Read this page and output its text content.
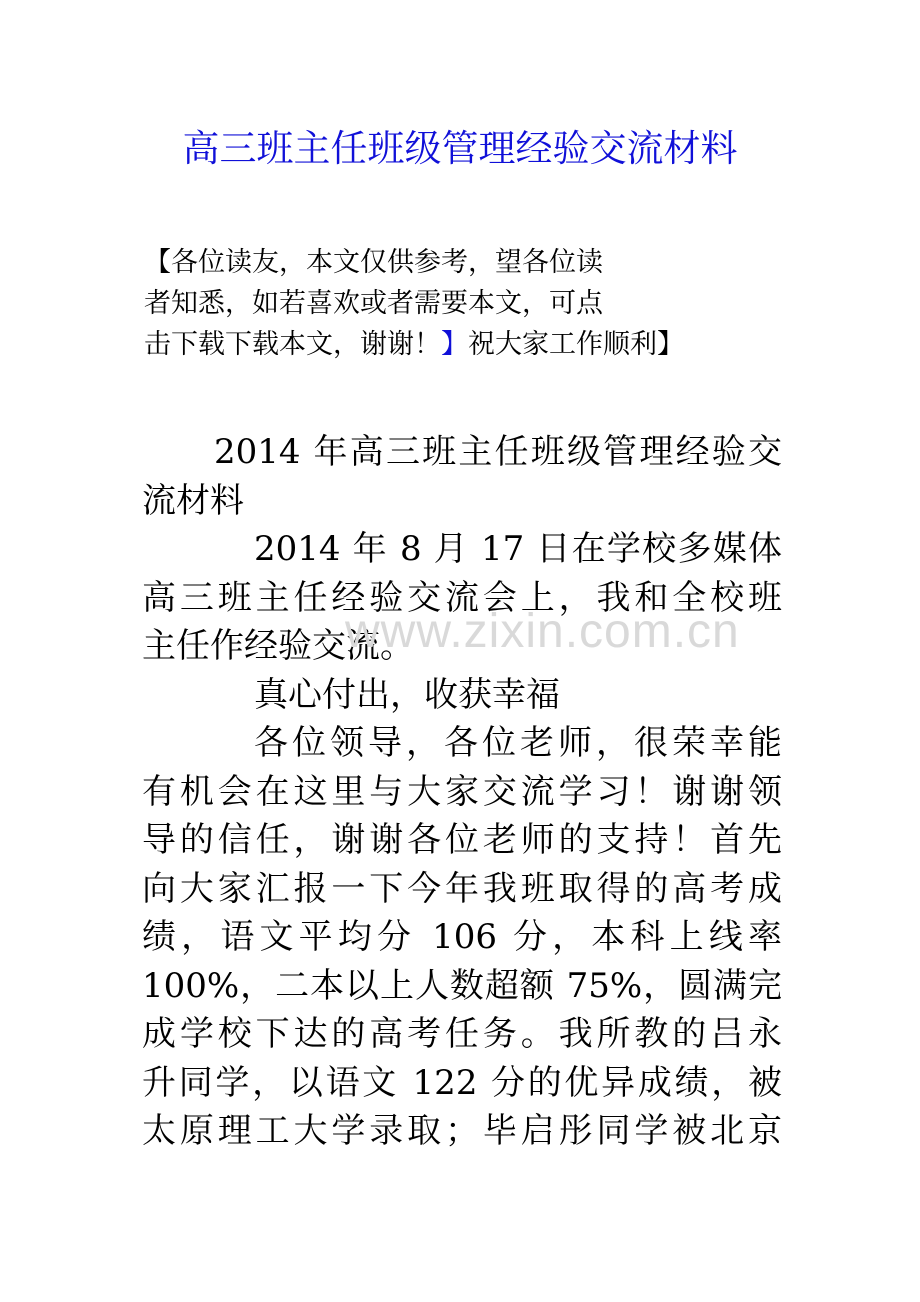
高三班主任班级管理经验交流材料
【各位读友，本文仅供参考，望各位读
者知悉，如若喜欢或者需要本文，可点
击下载下载本文，谢谢！】祝大家工作顺利】
2014 年高三班主任班级管理经验交
流材料
2014 年 8 月 17 日在学校多媒体
高三班主任经验交流会上，我和全校班
主任作经验交流。
真心付出，收获幸福
各位领导，各位老师，很荣幸能
有机会在这里与大家交流学习！谢谢领
导的信任，谢谢各位老师的支持！首先
向大家汇报一下今年我班取得的高考成
绩，语文平均分 106 分，本科上线率
100%，二本以上人数超额 75%，圆满完
成学校下达的高考任务。我所教的吕永
升同学，以语文 122 分的优异成绩，被
太原理工大学录取；毕启彤同学被北京
www.zixin.com.cn
